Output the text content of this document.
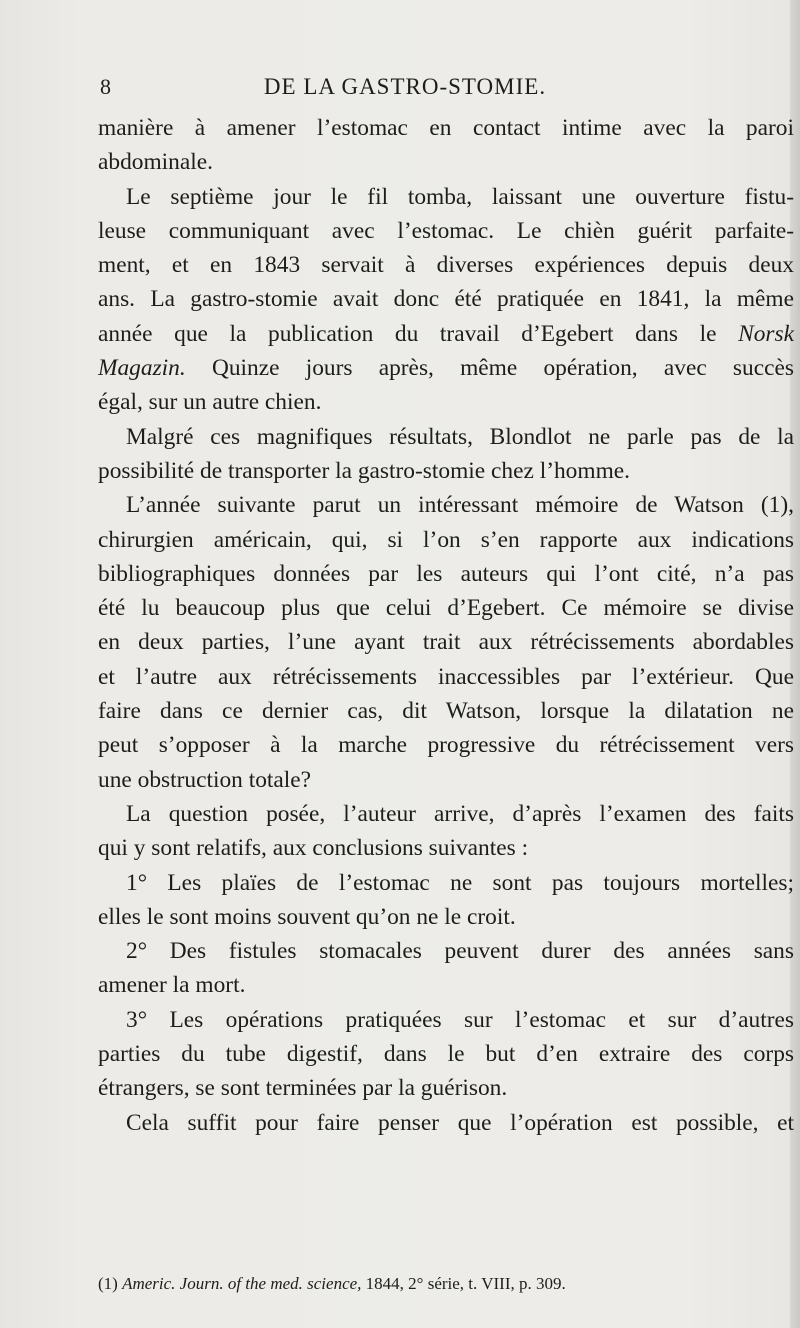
8	DE LA GASTRO-STOMIE.
manière à amener l’estomac en contact intime avec la paroi
abdominale.
Le septième jour le fil tomba, laissant une ouverture fistu-
leuse communiquant avec l’estomac. Le chièn guérit parfaite-
ment, et en 1843 servait à diverses expériences depuis deux
ans. La gastro-stomie avait donc été pratiquée en 1841, la même
année que la publication du travail d’Egebert dans le Norsk
Magazin. Quinze jours après, même opération, avec succès
égal, sur un autre chien.
Malgré ces magnifiques résultats, Blondlot ne parle pas de la
possibilité de transporter la gastro-stomie chez l’homme.
L’année suivante parut un intéressant mémoire de Watson (1),
chirurgien américain, qui, si l’on s’en rapporte aux indications
bibliographiques données par les auteurs qui l’ont cité, n’a pas
été lu beaucoup plus que celui d’Egebert. Ce mémoire se divise
en deux parties, l’une ayant trait aux rétrécissements abordables
et l’autre aux rétrécissements inaccessibles par l’extérieur. Que
faire dans ce dernier cas, dit Watson, lorsque la dilatation ne
peut s’opposer à la marche progressive du rétrécissement vers
une obstruction totale?
La question posée, l’auteur arrive, d’après l’examen des faits
qui y sont relatifs, aux conclusions suivantes :
1° Les plaïes de l’estomac ne sont pas toujours mortelles;
elles le sont moins souvent qu’on ne le croit.
2° Des fistules stomacales peuvent durer des années sans
amener la mort.
3° Les opérations pratiquées sur l’estomac et sur d’autres
parties du tube digestif, dans le but d’en extraire des corps
étrangers, se sont terminées par la guérison.
Cela suffit pour faire penser que l’opération est possible, et
(1) Americ. Journ. of the med. science, 1844, 2° série, t. VIII, p. 309.
